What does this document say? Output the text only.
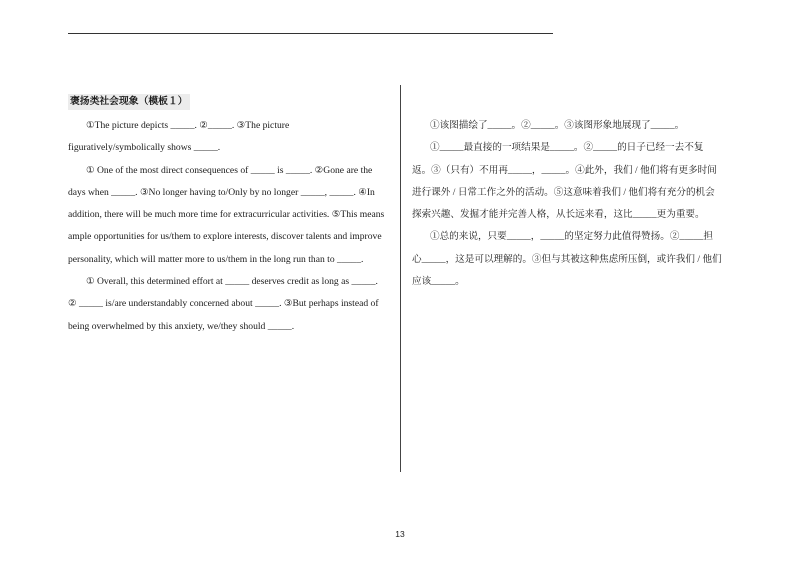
褒扬类社会现象（模板１）

①The picture depicts _____. ②_____. ③The picture figuratively/symbolically shows _____.

① One of the most direct consequences of _____ is _____. ②Gone are the days when _____. ③No longer having to/Only by no longer _____, _____. ④In addition, there will be much more time for extracurricular activities. ⑤This means ample opportunities for us/them to explore interests, discover talents and improve personality, which will matter more to us/them in the long run than to _____.

① Overall, this determined effort at _____ deserves credit as long as _____. ② _____ is/are understandably concerned about _____. ③But perhaps instead of being overwhelmed by this anxiety, we/they should _____.

①该图描绘了_____。②_____。③该图形象地展现了_____。

①_____最直接的一项结果是_____。②_____的日子已经一去不复返。③（只有）不用再_____，_____。④此外，我们 / 他们将有更多时间进行课外 / 日常工作之外的活动。⑤这意味着我们 / 他们将有充分的机会探索兴趣、发掘才能并完善人格，从长远来看，这比_____更为重要。

①总的来说，只要_____，_____的坚定努力此值得赞扬。②_____担心_____，这是可以理解的。③但与其被这种焦虑所压倒，或许我们 / 他们应该_____。

13
